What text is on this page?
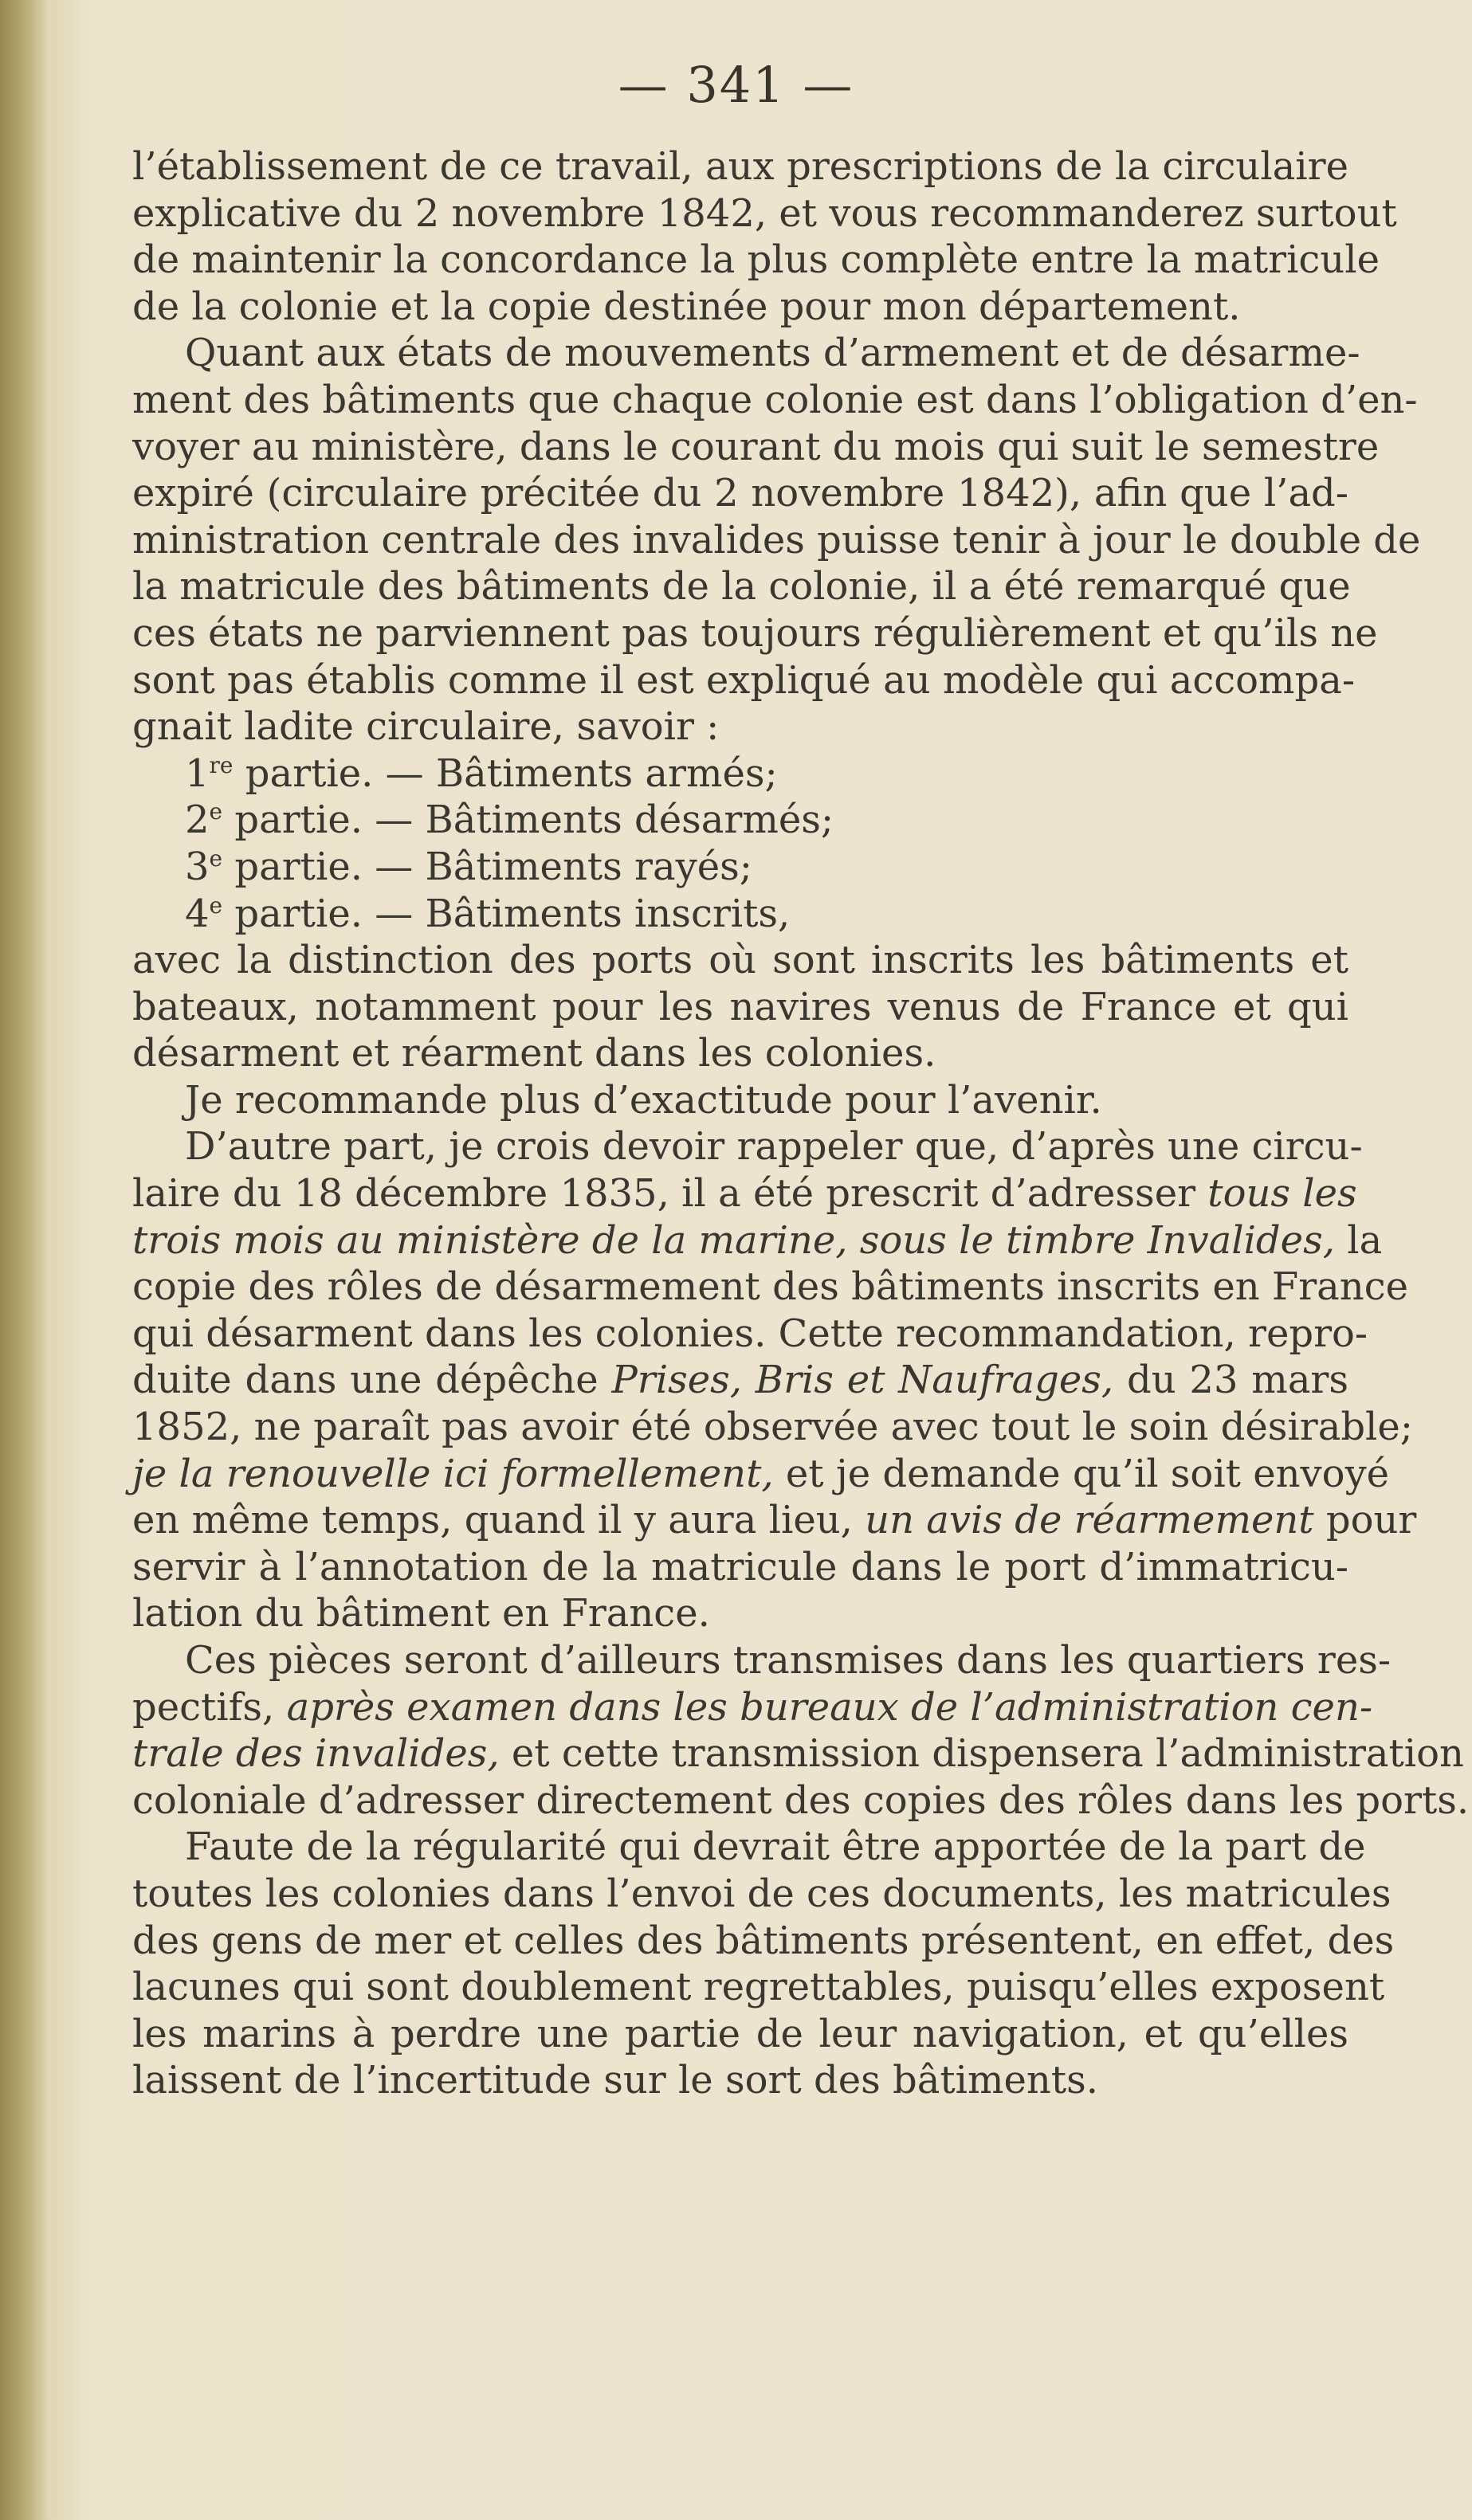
— 341 —
l’établissement de ce travail, aux prescriptions de la circulaire
explicative du 2 novembre 1842, et vous recommanderez surtout
de maintenir la concordance la plus complète entre la matricule
de la colonie et la copie destinée pour mon département.
Quant aux états de mouvements d’armement et de désarme-
ment des bâtiments que chaque colonie est dans l’obligation d’en-
voyer au ministère, dans le courant du mois qui suit le semestre
expiré (circulaire précitée du 2 novembre 1842), afin que l’ad-
ministration centrale des invalides puisse tenir à jour le double de
la matricule des bâtiments de la colonie, il a été remarqué que
ces états ne parviennent pas toujours régulièrement et qu’ils ne
sont pas établis comme il est expliqué au modèle qui accompa-
gnait ladite circulaire, savoir :
1re partie. — Bâtiments armés;
2e partie. — Bâtiments désarmés;
3e partie. — Bâtiments rayés;
4e partie. — Bâtiments inscrits,
avec la distinction des ports où sont inscrits les bâtiments et
bateaux, notamment pour les navires venus de France et qui
désarment et réarment dans les colonies.
Je recommande plus d’exactitude pour l’avenir.
D’autre part, je crois devoir rappeler que, d’après une circu-
laire du 18 décembre 1835, il a été prescrit d’adresser tous les
trois mois au ministère de la marine, sous le timbre Invalides, la
copie des rôles de désarmement des bâtiments inscrits en France
qui désarment dans les colonies. Cette recommandation, repro-
duite dans une dépêche Prises, Bris et Naufrages, du 23 mars
1852, ne paraît pas avoir été observée avec tout le soin désirable;
je la renouvelle ici formellement, et je demande qu’il soit envoyé
en même temps, quand il y aura lieu, un avis de réarmement pour
servir à l’annotation de la matricule dans le port d’immatricu-
lation du bâtiment en France.
Ces pièces seront d’ailleurs transmises dans les quartiers res-
pectifs, après examen dans les bureaux de l’administration cen-
trale des invalides, et cette transmission dispensera l’administration
coloniale d’adresser directement des copies des rôles dans les ports.
Faute de la régularité qui devrait être apportée de la part de
toutes les colonies dans l’envoi de ces documents, les matricules
des gens de mer et celles des bâtiments présentent, en effet, des
lacunes qui sont doublement regrettables, puisqu’elles exposent
les marins à perdre une partie de leur navigation, et qu’elles
laissent de l’incertitude sur le sort des bâtiments.
